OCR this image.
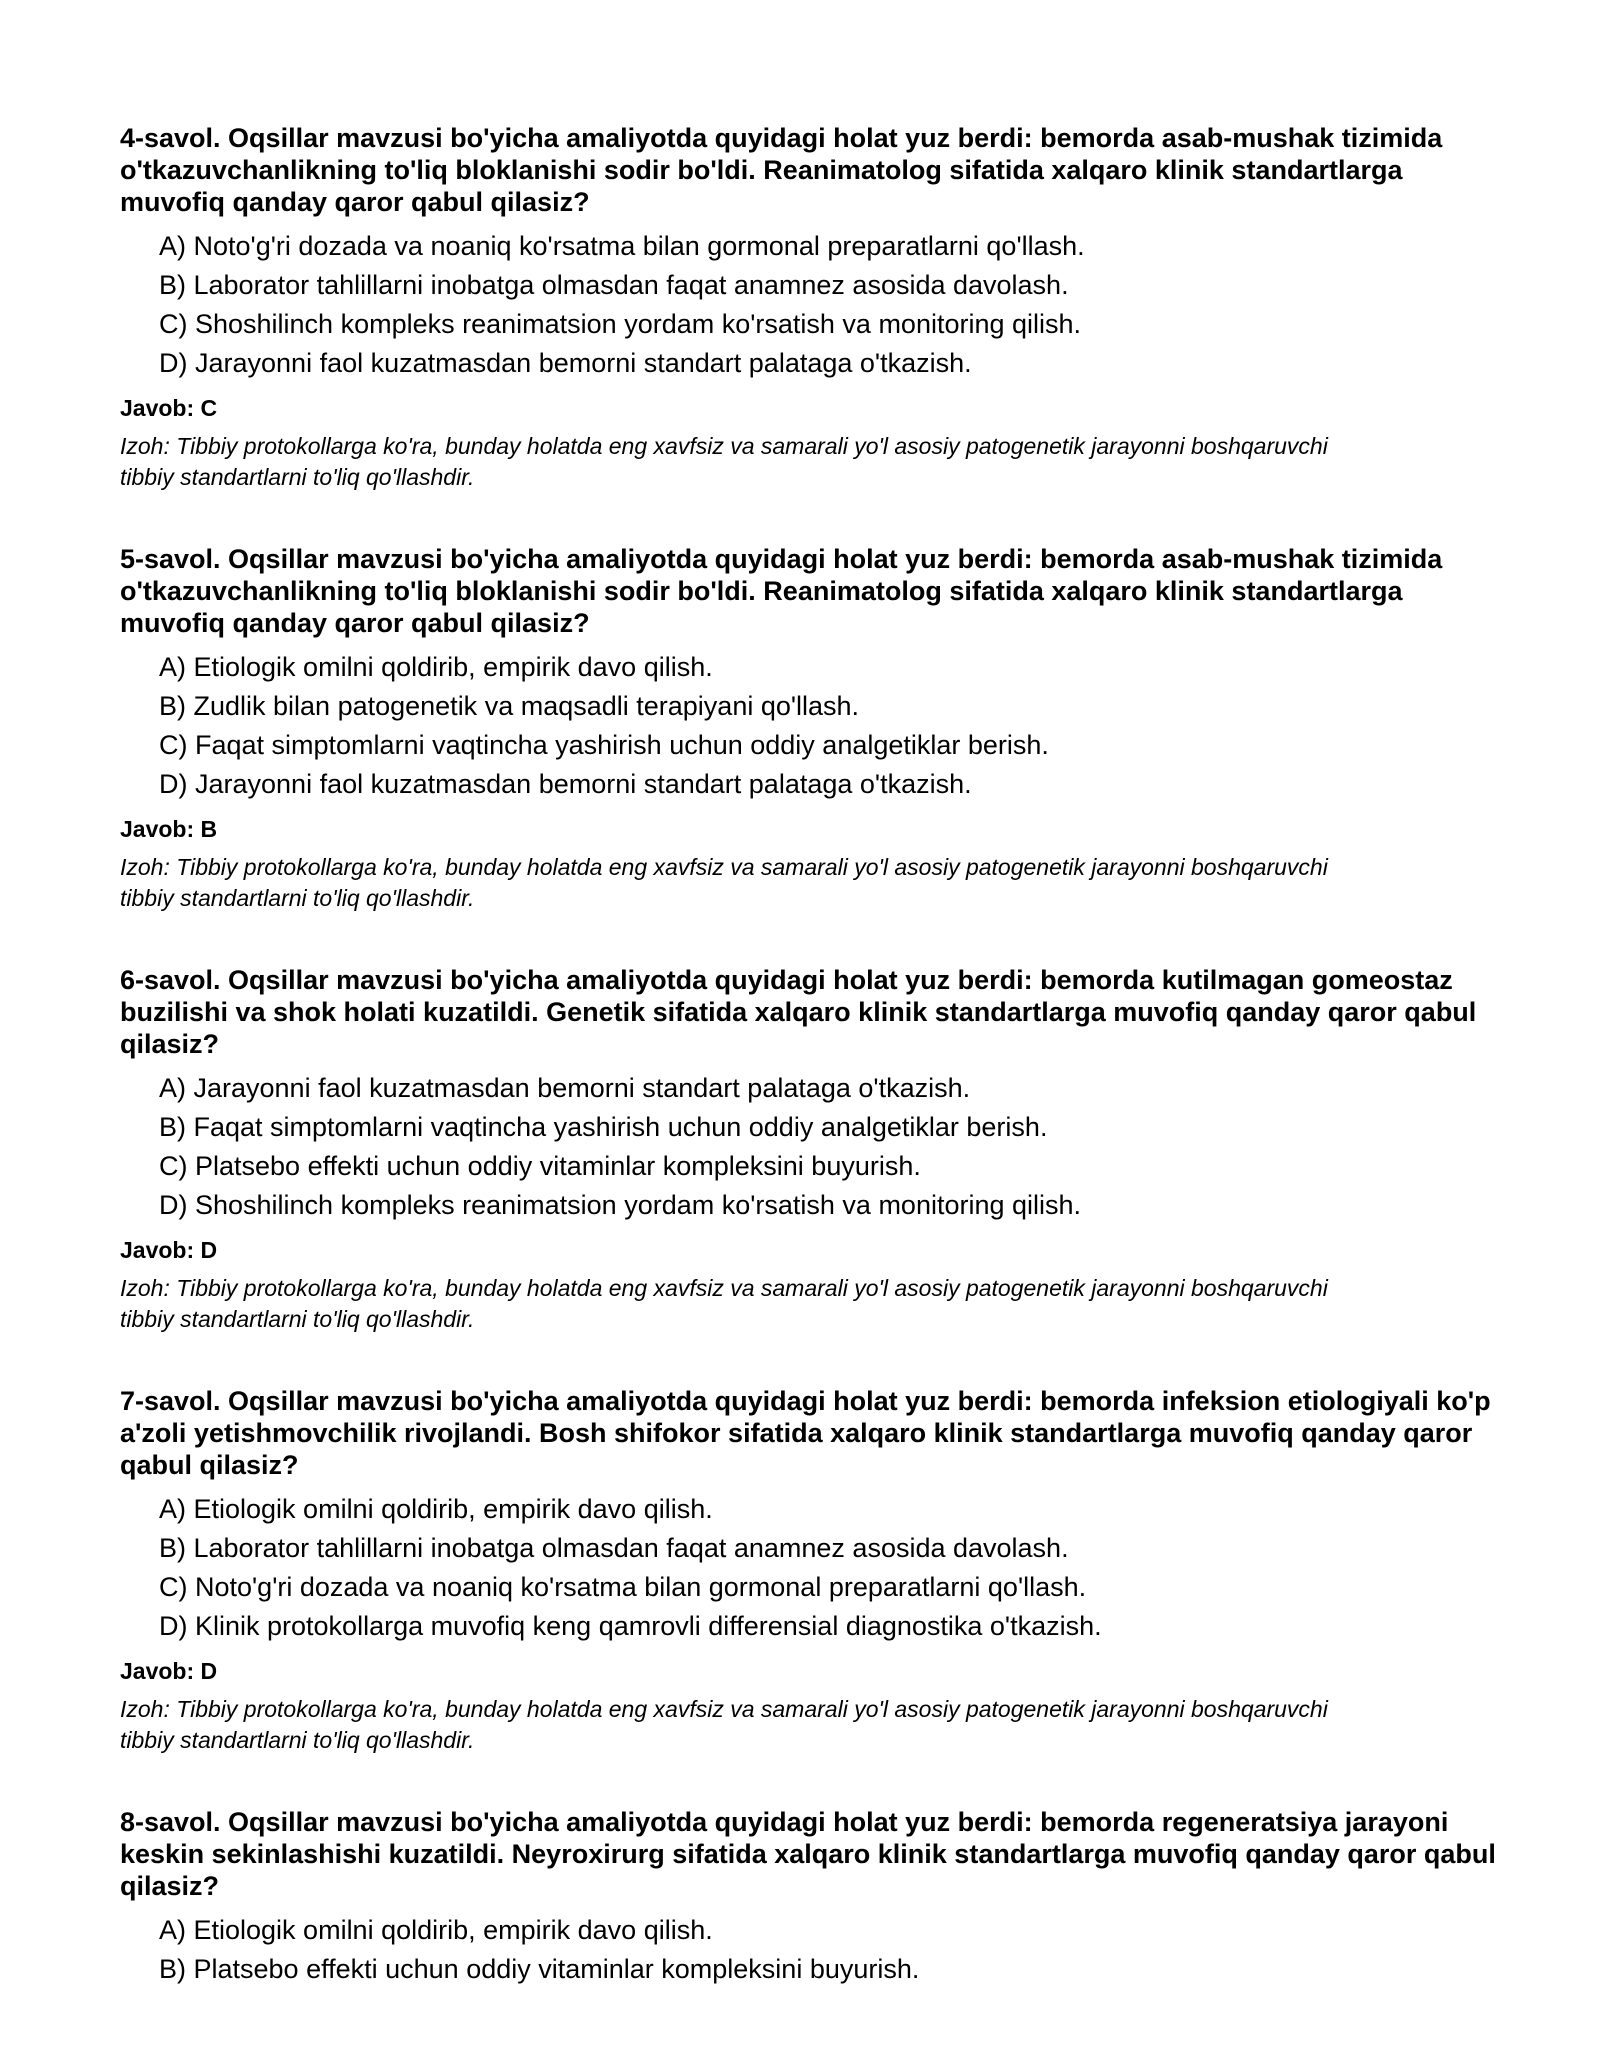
4-savol. Oqsillar mavzusi bo'yicha amaliyotda quyidagi holat yuz berdi: bemorda asab-mushak tizimida o'tkazuvchanlikning to'liq bloklanishi sodir bo'ldi. Reanimatolog sifatida xalqaro klinik standartlarga muvofiq qanday qaror qabul qilasiz?
A) Noto'g'ri dozada va noaniq ko'rsatma bilan gormonal preparatlarni qo'llash.
B) Laborator tahlillarni inobatga olmasdan faqat anamnez asosida davolash.
C) Shoshilinch kompleks reanimatsion yordam ko'rsatish va monitoring qilish.
D) Jarayonni faol kuzatmasdan bemorni standart palataga o'tkazish.
Javob: C
Izoh: Tibbiy protokollarga ko'ra, bunday holatda eng xavfsiz va samarali yo'l asosiy patogenetik jarayonni boshqaruvchi tibbiy standartlarni to'liq qo'llashdir.
5-savol. Oqsillar mavzusi bo'yicha amaliyotda quyidagi holat yuz berdi: bemorda asab-mushak tizimida o'tkazuvchanlikning to'liq bloklanishi sodir bo'ldi. Reanimatolog sifatida xalqaro klinik standartlarga muvofiq qanday qaror qabul qilasiz?
A) Etiologik omilni qoldirib, empirik davo qilish.
B) Zudlik bilan patogenetik va maqsadli terapiyani qo'llash.
C) Faqat simptomlarni vaqtincha yashirish uchun oddiy analgetiklar berish.
D) Jarayonni faol kuzatmasdan bemorni standart palataga o'tkazish.
Javob: B
Izoh: Tibbiy protokollarga ko'ra, bunday holatda eng xavfsiz va samarali yo'l asosiy patogenetik jarayonni boshqaruvchi tibbiy standartlarni to'liq qo'llashdir.
6-savol. Oqsillar mavzusi bo'yicha amaliyotda quyidagi holat yuz berdi: bemorda kutilmagan gomeostaz buzilishi va shok holati kuzatildi. Genetik sifatida xalqaro klinik standartlarga muvofiq qanday qaror qabul qilasiz?
A) Jarayonni faol kuzatmasdan bemorni standart palataga o'tkazish.
B) Faqat simptomlarni vaqtincha yashirish uchun oddiy analgetiklar berish.
C) Platsebo effekti uchun oddiy vitaminlar kompleksini buyurish.
D) Shoshilinch kompleks reanimatsion yordam ko'rsatish va monitoring qilish.
Javob: D
Izoh: Tibbiy protokollarga ko'ra, bunday holatda eng xavfsiz va samarali yo'l asosiy patogenetik jarayonni boshqaruvchi tibbiy standartlarni to'liq qo'llashdir.
7-savol. Oqsillar mavzusi bo'yicha amaliyotda quyidagi holat yuz berdi: bemorda infeksion etiologiyali ko'p a'zoli yetishmovchilik rivojlandi. Bosh shifokor sifatida xalqaro klinik standartlarga muvofiq qanday qaror qabul qilasiz?
A) Etiologik omilni qoldirib, empirik davo qilish.
B) Laborator tahlillarni inobatga olmasdan faqat anamnez asosida davolash.
C) Noto'g'ri dozada va noaniq ko'rsatma bilan gormonal preparatlarni qo'llash.
D) Klinik protokollarga muvofiq keng qamrovli differensial diagnostika o'tkazish.
Javob: D
Izoh: Tibbiy protokollarga ko'ra, bunday holatda eng xavfsiz va samarali yo'l asosiy patogenetik jarayonni boshqaruvchi tibbiy standartlarni to'liq qo'llashdir.
8-savol. Oqsillar mavzusi bo'yicha amaliyotda quyidagi holat yuz berdi: bemorda regeneratsiya jarayoni keskin sekinlashishi kuzatildi. Neyroxirurg sifatida xalqaro klinik standartlarga muvofiq qanday qaror qabul qilasiz?
A) Etiologik omilni qoldirib, empirik davo qilish.
B) Platsebo effekti uchun oddiy vitaminlar kompleksini buyurish.
